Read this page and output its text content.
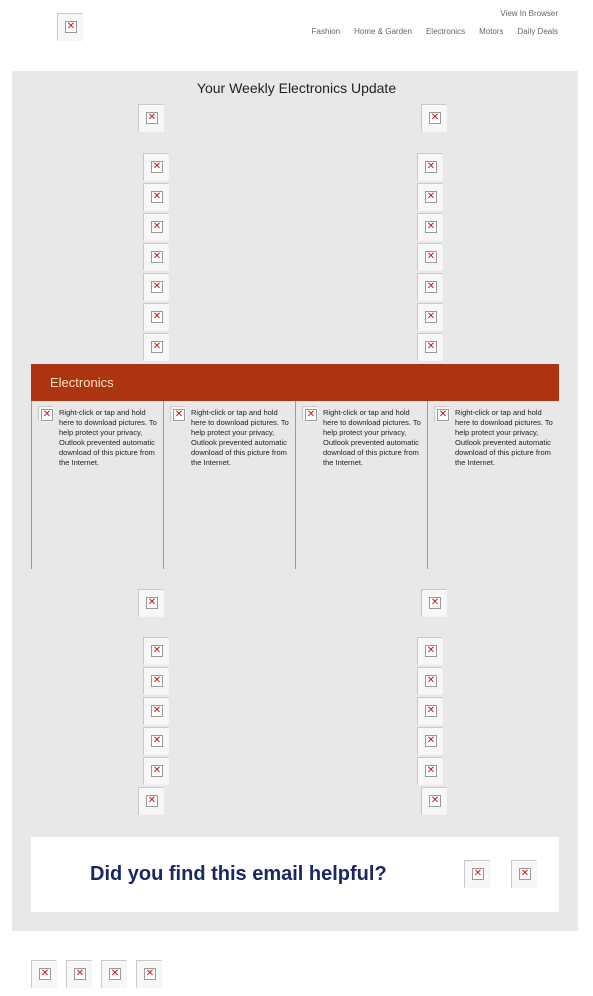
✕
View In Browser
Fashion Home & Garden Electronics Motors Daily Deals
Your Weekly Electronics Update
✕	✕
✕
✕
✕
✕
✕
✕
✕
✕
✕
✕
✕
✕
✕
✕
Electronics
✕ Right-click or tap and hold here to download pictures. To help protect your privacy, Outlook prevented automatic download of this picture from the Internet.
✕ Right-click or tap and hold here to download pictures. To help protect your privacy, Outlook prevented automatic download of this picture from the Internet.
✕ Right-click or tap and hold here to download pictures. To help protect your privacy, Outlook prevented automatic download of this picture from the Internet.
✕ Right-click or tap and hold here to download pictures. To help protect your privacy, Outlook prevented automatic download of this picture from the Internet.
✕	✕
✕
✕
✕
✕
✕
✕
✕
✕
✕
✕
✕
✕
Did you find this email helpful?	✕	✕
✕	✕	✕	✕
